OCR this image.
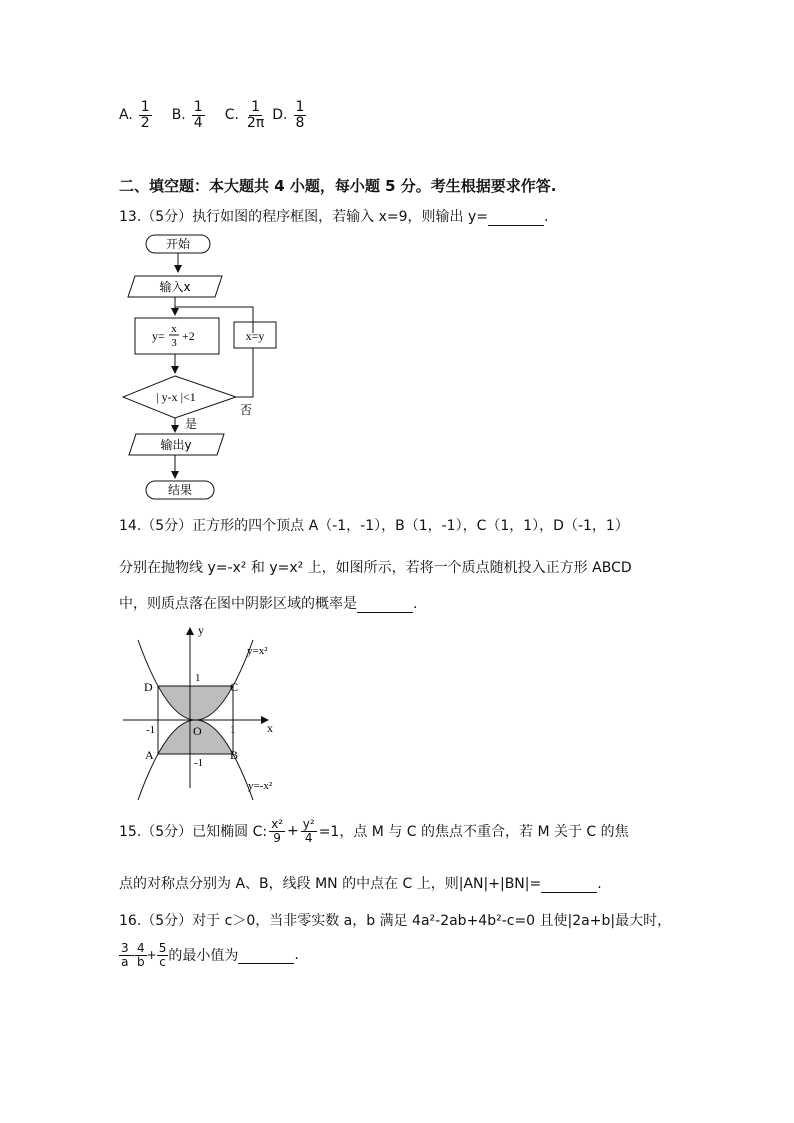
A. $\frac{1}{2} B$. $\frac{1}{4} C$. $\frac{1}{2\pi} D$. $\frac{1}{8}$
二、填空题：本大题共 4 小题，每小题 5 分。考生根据要求作答.
13.（5分）执行如图的程序框图，若输入 x=9，则输出 y=	.
开始
输入x
y= x
3 +2	x=y
| y-x |<1
否
是
输出y
结果
14.（5分）正方形的四个顶点 A（-1，-1），B（1，-1），C（1，1），D（-1，1）
分别在抛物线 y=-x² 和 y=x² 上，如图所示，若将一个质点随机投入正方形 ABCD
中，则质点落在图中阴影区域的概率是	.
y
x
y=x²
y=-x²
D	C
A	B
O
1
-1
-1	1
15.（5分）已知椭圆 C: $\frac{\text{x²}}{9} + \frac{\text{y²}}{4} =1$，点 M 与 C 的焦点不重合，若 M 关于 C 的焦
点的对称点分别为 A、B，线段 MN 的中点在 C 上，则|AN|+|BN|=	.
16.（5分）对于 c＞0，当非零实数 a，b 满足 4a²-2ab+4b²-c=0 且使|2a+b|最大时，
$\frac{3}{a} - \frac{4}{b} + \frac{5}{c}$ 的最小值为
	.
